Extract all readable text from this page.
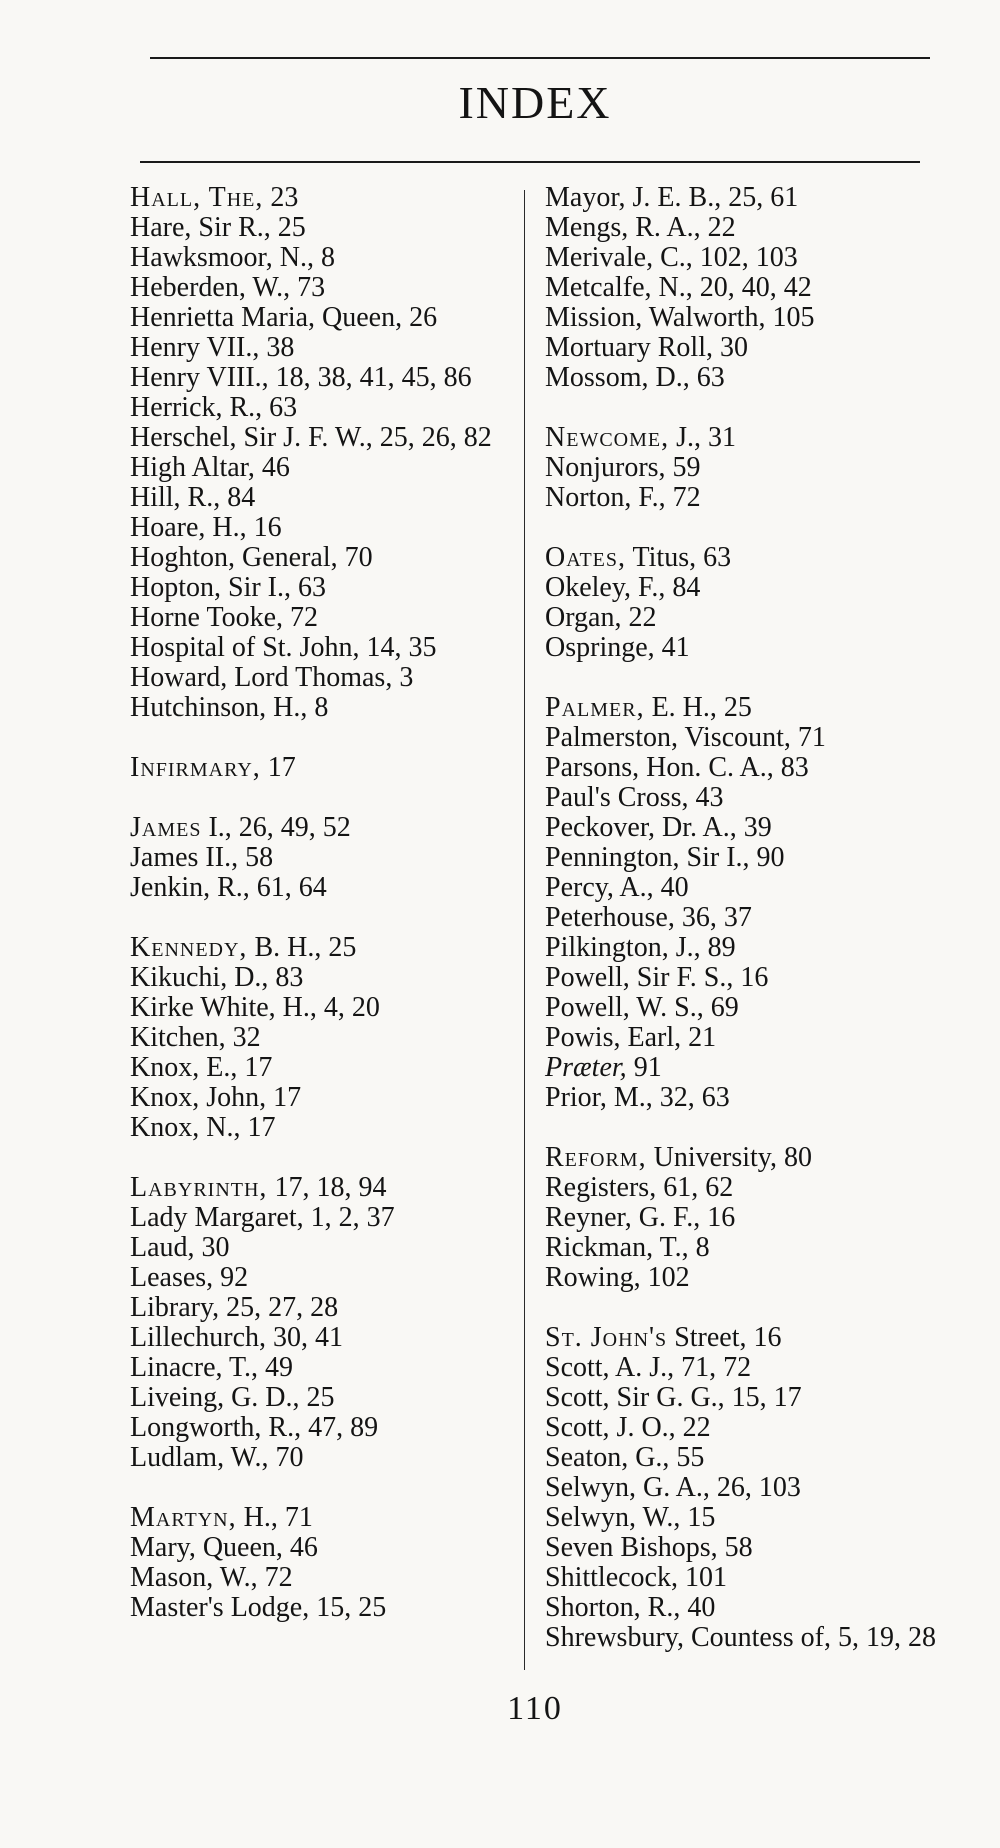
INDEX
Hall, The, 23
Hare, Sir R., 25
Hawksmoor, N., 8
Heberden, W., 73
Henrietta Maria, Queen, 26
Henry VII., 38
Henry VIII., 18, 38, 41, 45, 86
Herrick, R., 63
Herschel, Sir J. F. W., 25, 26, 82
High Altar, 46
Hill, R., 84
Hoare, H., 16
Hoghton, General, 70
Hopton, Sir I., 63
Horne Tooke, 72
Hospital of St. John, 14, 35
Howard, Lord Thomas, 3
Hutchinson, H., 8
Infirmary, 17
James I., 26, 49, 52
James II., 58
Jenkin, R., 61, 64
Kennedy, B. H., 25
Kikuchi, D., 83
Kirke White, H., 4, 20
Kitchen, 32
Knox, E., 17
Knox, John, 17
Knox, N., 17
Labyrinth, 17, 18, 94
Lady Margaret, 1, 2, 37
Laud, 30
Leases, 92
Library, 25, 27, 28
Lillechurch, 30, 41
Linacre, T., 49
Liveing, G. D., 25
Longworth, R., 47, 89
Ludlam, W., 70
Martyn, H., 71
Mary, Queen, 46
Mason, W., 72
Master's Lodge, 15, 25
Mayor, J. E. B., 25, 61
Mengs, R. A., 22
Merivale, C., 102, 103
Metcalfe, N., 20, 40, 42
Mission, Walworth, 105
Mortuary Roll, 30
Mossom, D., 63
Newcome, J., 31
Nonjurors, 59
Norton, F., 72
Oates, Titus, 63
Okeley, F., 84
Organ, 22
Ospringe, 41
Palmer, E. H., 25
Palmerston, Viscount, 71
Parsons, Hon. C. A., 83
Paul's Cross, 43
Peckover, Dr. A., 39
Pennington, Sir I., 90
Percy, A., 40
Peterhouse, 36, 37
Pilkington, J., 89
Powell, Sir F. S., 16
Powell, W. S., 69
Powis, Earl, 21
Præter, 91
Prior, M., 32, 63
Reform, University, 80
Registers, 61, 62
Reyner, G. F., 16
Rickman, T., 8
Rowing, 102
St. John's Street, 16
Scott, A. J., 71, 72
Scott, Sir G. G., 15, 17
Scott, J. O., 22
Seaton, G., 55
Selwyn, G. A., 26, 103
Selwyn, W., 15
Seven Bishops, 58
Shittlecock, 101
Shorton, R., 40
Shrewsbury, Countess of, 5, 19, 28
110
